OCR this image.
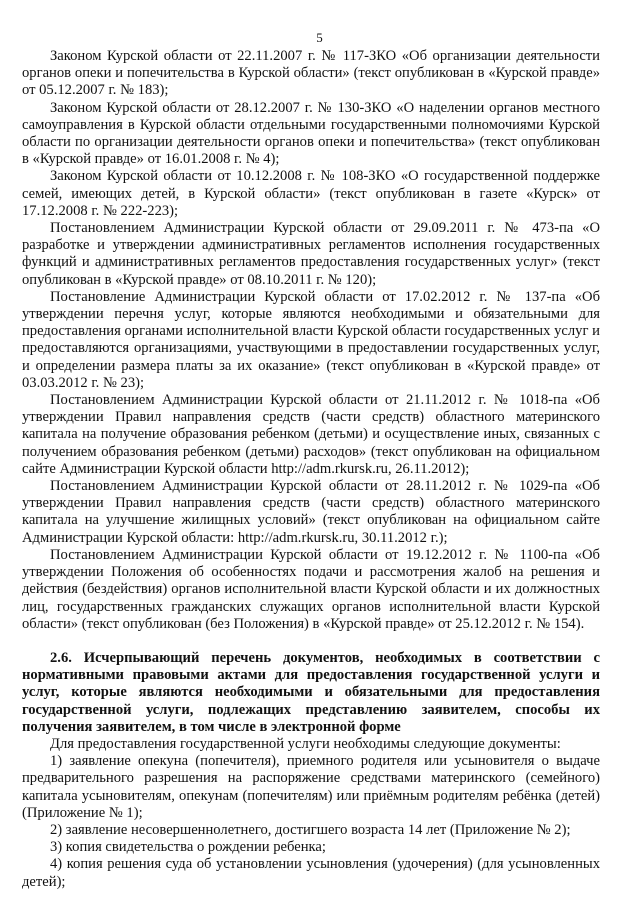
5

Законом Курской области от 22.11.2007 г. № 117-ЗКО «Об организации деятельности органов опеки и попечительства в Курской области» (текст опубликован в «Курской правде» от 05.12.2007 г. № 183);

Законом Курской области от 28.12.2007 г. № 130-ЗКО «О наделении органов местного самоуправления в Курской области отдельными государственными полномочиями Курской области по организации деятельности органов опеки и попечительства» (текст опубликован в «Курской правде» от 16.01.2008 г. № 4);

Законом Курской области от 10.12.2008 г. № 108-ЗКО «О государственной поддержке семей, имеющих детей, в Курской области» (текст опубликован в газете «Курск» от 17.12.2008 г. № 222-223);

Постановлением Администрации Курской области от 29.09.2011 г. № 473-па «О разработке и утверждении административных регламентов исполнения государственных функций и административных регламентов предоставления государственных услуг» (текст опубликован в «Курской правде» от 08.10.2011 г. № 120);

Постановление Администрации Курской области от 17.02.2012 г. № 137-па «Об утверждении перечня услуг, которые являются необходимыми и обязательными для предоставления органами исполнительной власти Курской области государственных услуг и предоставляются организациями, участвующими в предоставлении государственных услуг, и определении размера платы за их оказание» (текст опубликован в «Курской правде» от 03.03.2012 г. № 23);

Постановлением Администрации Курской области от 21.11.2012 г. № 1018-па «Об утверждении Правил направления средств (части средств) областного материнского капитала на получение образования ребенком (детьми) и осуществление иных, связанных с получением образования ребенком (детьми) расходов» (текст опубликован на официальном сайте Администрации Курской области http://adm.rkursk.ru, 26.11.2012);

Постановлением Администрации Курской области от 28.11.2012 г. № 1029-па «Об утверждении Правил направления средств (части средств) областного материнского капитала на улучшение жилищных условий» (текст опубликован на официальном сайте Администрации Курской области: http://adm.rkursk.ru, 30.11.2012 г.);

Постановлением Администрации Курской области от 19.12.2012 г. № 1100-па «Об утверждении Положения об особенностях подачи и рассмотрения жалоб на решения и действия (бездействия) органов исполнительной власти Курской области и их должностных лиц, государственных гражданских служащих органов исполнительной власти Курской области» (текст опубликован (без Положения) в «Курской правде» от 25.12.2012 г. № 154).

2.6. Исчерпывающий перечень документов, необходимых в соответствии с нормативными правовыми актами для предоставления государственной услуги и услуг, которые являются необходимыми и обязательными для предоставления государственной услуги, подлежащих представлению заявителем, способы их получения заявителем, в том числе в электронной форме

Для предоставления государственной услуги необходимы следующие документы:

1) заявление опекуна (попечителя), приемного родителя или усыновителя о выдаче предварительного разрешения на распоряжение средствами материнского (семейного) капитала усыновителям, опекунам (попечителям) или приёмным родителям ребёнка (детей) (Приложение № 1);

2) заявление несовершеннолетнего, достигшего возраста 14 лет (Приложение № 2);

3) копия свидетельства о рождении ребенка;

4) копия решения суда об установлении усыновления (удочерения) (для усыновленных детей);
